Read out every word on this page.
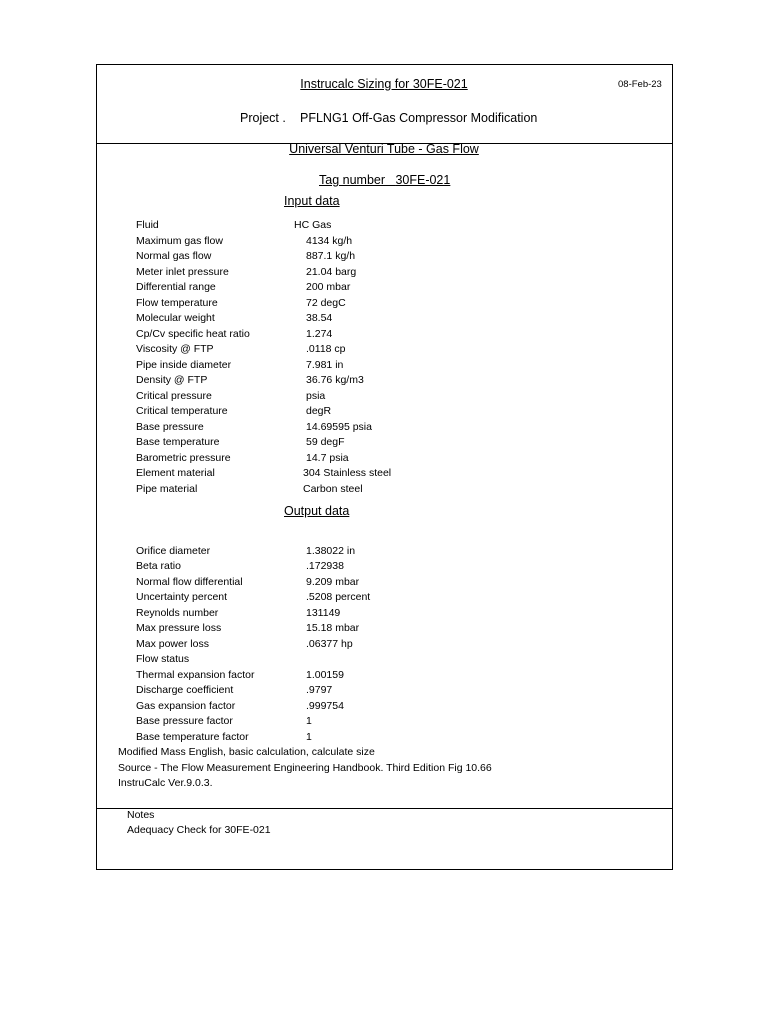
Instrucalc Sizing for 30FE-021	08-Feb-23
Project . PFLNG1 Off-Gas Compressor Modification
Universal Venturi Tube - Gas Flow
Tag number 30FE-021
Input data
Fluid	HC Gas
Maximum gas flow	4134 kg/h
Normal gas flow	887.1 kg/h
Meter inlet pressure	21.04 barg
Differential range	200 mbar
Flow temperature	72 degC
Molecular weight	38.54
Cp/Cv specific heat ratio	1.274
Viscosity @ FTP	.0118 cp
Pipe inside diameter	7.981 in
Density @ FTP	36.76 kg/m3
Critical pressure	psia
Critical temperature	degR
Base pressure	14.69595 psia
Base temperature	59 degF
Barometric pressure	14.7 psia
Element material	304 Stainless steel
Pipe material	Carbon steel
Output data
Orifice diameter	1.38022 in
Beta ratio	.172938
Normal flow differential	9.209 mbar
Uncertainty percent	.5208 percent
Reynolds number	131149
Max pressure loss	15.18 mbar
Max power loss	.06377 hp
Flow status
Thermal expansion factor	1.00159
Discharge coefficient	.9797
Gas expansion factor	.999754
Base pressure factor	1
Base temperature factor	1
Modified Mass English, basic calculation, calculate size
Source - The Flow Measurement Engineering Handbook. Third Edition Fig 10.66
InstruCalc Ver.9.0.3.
Notes
Adequacy Check for 30FE-021
